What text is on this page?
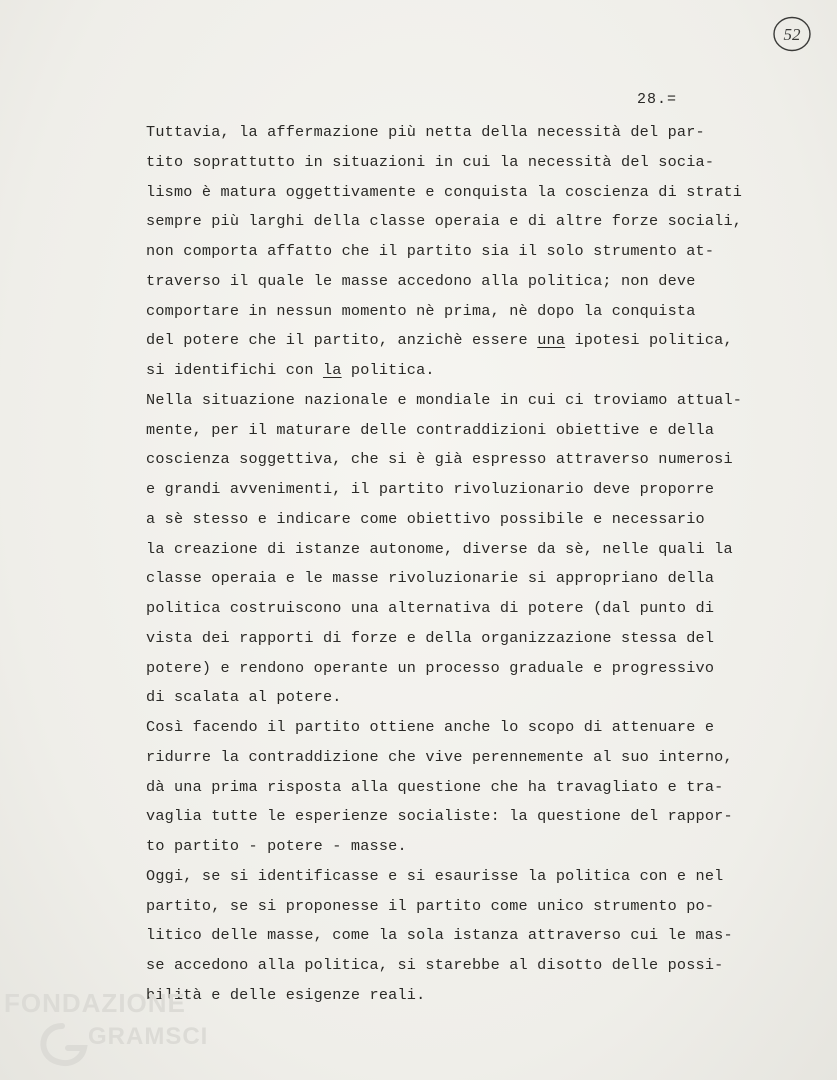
52
28.=
Tuttavia, la affermazione più netta della necessità del par-
tito soprattutto in situazioni in cui la necessità del socia-
lismo è matura oggettivamente e conquista la coscienza di strati
sempre più larghi della classe operaia e di altre forze sociali,
non comporta affatto che il partito sia il solo strumento at-
traverso il quale le masse accedono alla politica; non deve
comportare in nessun momento nè prima, nè dopo la conquista
del potere che il partito, anzichè essere una ipotesi politica,
si identifichi con la politica.
Nella situazione nazionale e mondiale in cui ci troviamo attual-
mente, per il maturare delle contraddizioni obiettive e della
coscienza soggettiva, che si è già espresso attraverso numerosi
e grandi avvenimenti, il partito rivoluzionario deve proporre
a sè stesso e indicare come obiettivo possibile e necessario
la creazione di istanze autonome, diverse da sè, nelle quali la
classe operaia e le masse rivoluzionarie si appropriano della
politica costruiscono una alternativa di potere (dal punto di
vista dei rapporti di forze e della organizzazione stessa del
potere) e rendono operante un processo graduale e progressivo
di scalata al potere.
Così facendo il partito ottiene anche lo scopo di attenuare e
ridurre la contraddizione che vive perennemente al suo interno,
dà una prima risposta alla questione che ha travagliato e tra-
vaglia tutte le esperienze socialiste: la questione del rappor-
to partito - potere - masse.
Oggi, se si identificasse e si esaurisse la politica con e nel
partito, se si proponesse il partito come unico strumento po-
litico delle masse, come la sola istanza attraverso cui le mas-
se accedono alla politica, si starebbe al disotto delle possi-
bilità e delle esigenze reali.
FONDAZIONE
GRAMSCI
